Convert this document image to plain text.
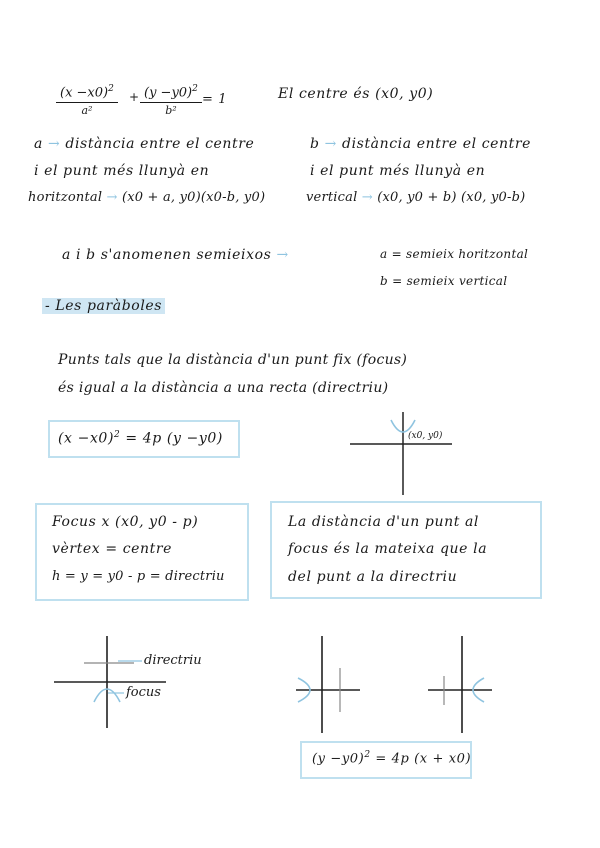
$(x -x0)^2$
a²
+ $(y -y0)^2$
b²
= 1	El centre és (x0, y0)
a → distància entre el centre
i el punt més llunyà en
horitzontal → (x0 + a, y0)(x0-b, y0)
b → distància entre el centre
i el punt més llunyà en
vertical → (x0, y0 + b) (x0, y0-b)
a i b s'anomenen semieixos →	a = semieix horitzontal
b = semieix vertical
- Les paràboles
Punts tals que la distància d'un punt fix (focus)
és igual a la distància a una recta (directriu)
$(x -x0)^2 = 4p$ (y −y0)
Focus x (x0, y0 - p)
vèrtex = centre
h = y = y0 - p = directriu
La distància d'un punt al
focus és la mateixa que la
del punt a la directriu
$(y -y0)^2 = 4p$ (x + x0)
(x0, y0)
directriu
focus
